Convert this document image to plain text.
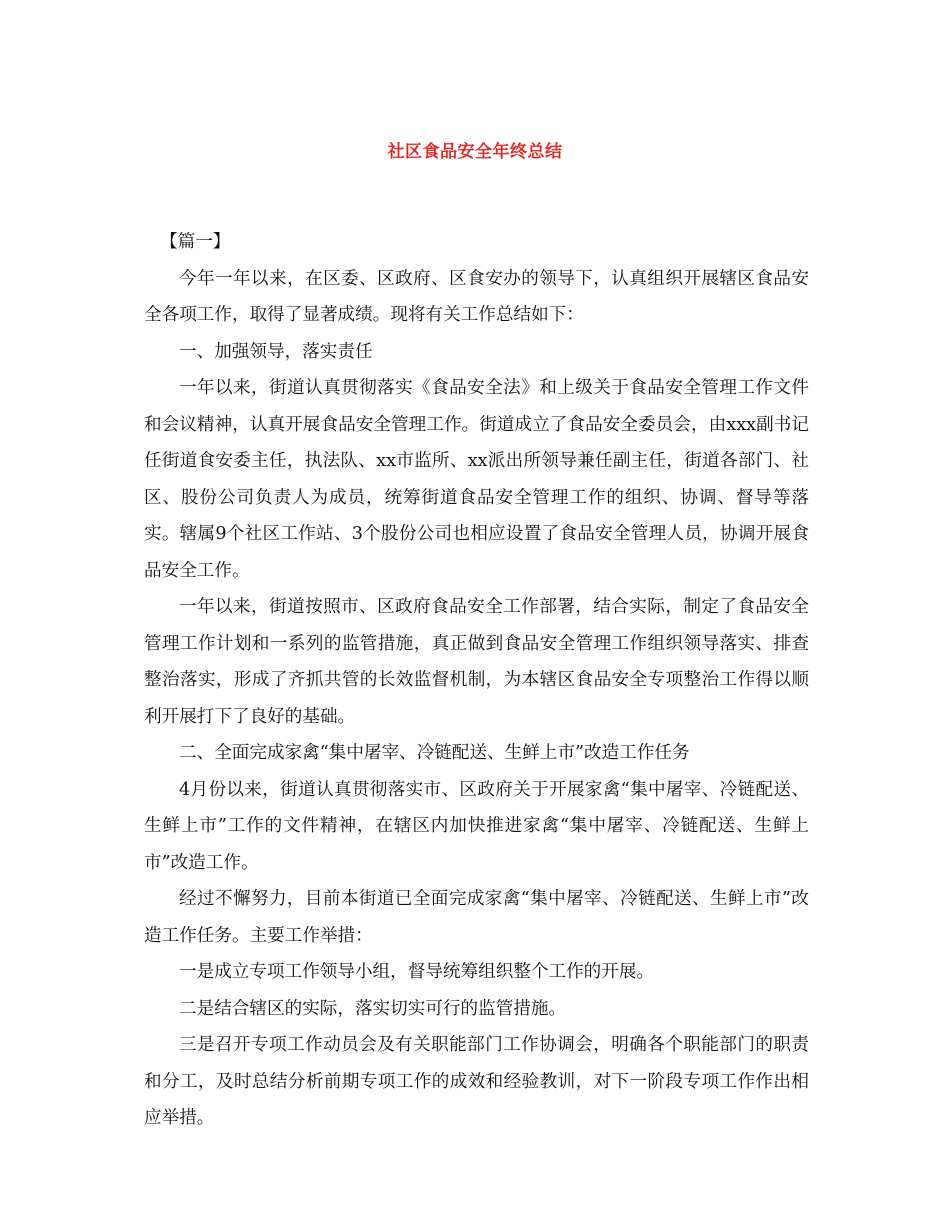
社区食品安全年终总结

【篇一】

今年一年以来，在区委、区政府、区食安办的领导下，认真组织开展辖区食品安全各项工作，取得了显著成绩。现将有关工作总结如下：

一、加强领导，落实责任

一年以来，街道认真贯彻落实《食品安全法》和上级关于食品安全管理工作文件和会议精神，认真开展食品安全管理工作。街道成立了食品安全委员会，由xxx副书记任街道食安委主任，执法队、xx市监所、xx派出所领导兼任副主任，街道各部门、社区、股份公司负责人为成员，统筹街道食品安全管理工作的组织、协调、督导等落实。辖属9个社区工作站、3个股份公司也相应设置了食品安全管理人员，协调开展食品安全工作。

一年以来，街道按照市、区政府食品安全工作部署，结合实际，制定了食品安全管理工作计划和一系列的监管措施，真正做到食品安全管理工作组织领导落实、排查整治落实，形成了齐抓共管的长效监督机制，为本辖区食品安全专项整治工作得以顺利开展打下了良好的基础。

二、全面完成家禽“集中屠宰、冷链配送、生鲜上市”改造工作任务

4月份以来，街道认真贯彻落实市、区政府关于开展家禽“集中屠宰、冷链配送、生鲜上市”工作的文件精神，在辖区内加快推进家禽“集中屠宰、冷链配送、生鲜上市”改造工作。

经过不懈努力，目前本街道已全面完成家禽“集中屠宰、冷链配送、生鲜上市”改造工作任务。主要工作举措：

一是成立专项工作领导小组，督导统筹组织整个工作的开展。

二是结合辖区的实际，落实切实可行的监管措施。

三是召开专项工作动员会及有关职能部门工作协调会，明确各个职能部门的职责和分工，及时总结分析前期专项工作的成效和经验教训，对下一阶段专项工作作出相应举措。
